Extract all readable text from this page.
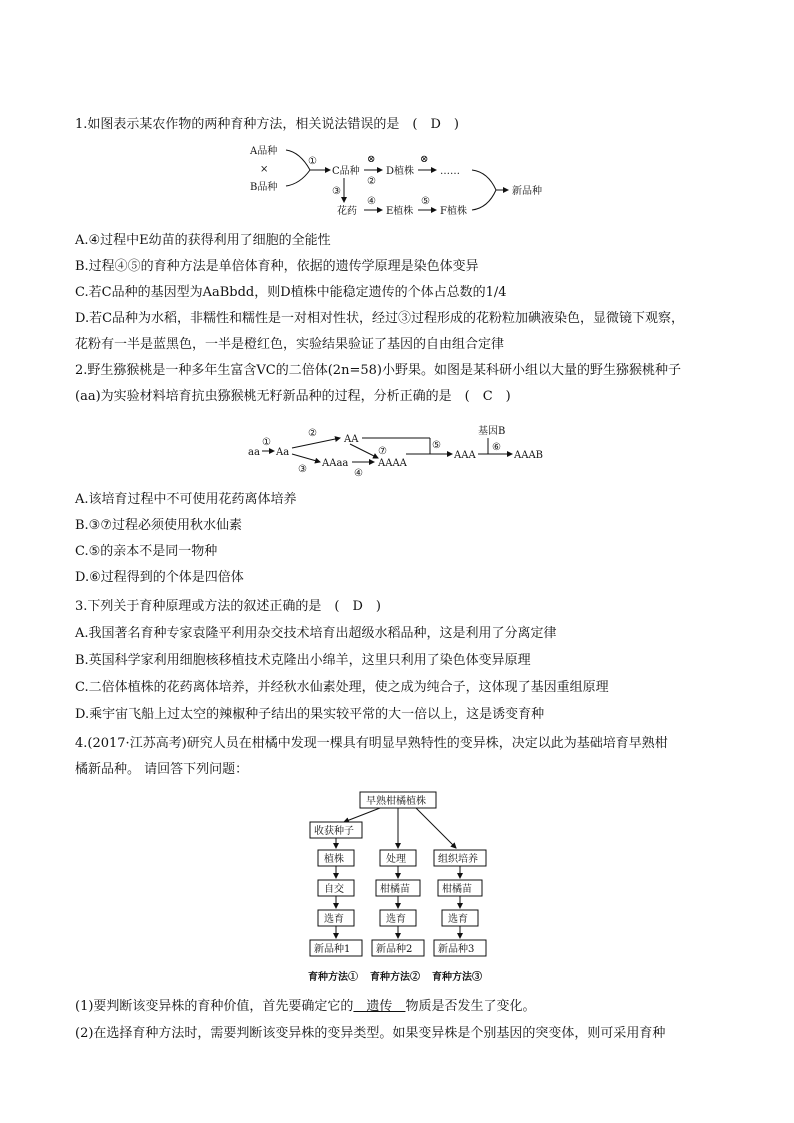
1.如图表示某农作物的两种育种方法，相关说法错误的是　(　D　)
A品种
×
B品种
①
C品种
⊗
②
D植株
⊗
……
③
花药
④
E植株
⑤
F植株
新品种
A.④过程中E幼苗的获得利用了细胞的全能性
B.过程④⑤的育种方法是单倍体育种，依据的遗传学原理是染色体变异
C.若C品种的基因型为AaBbdd，则D植株中能稳定遗传的个体占总数的1/4
D.若C品种为水稻，非糯性和糯性是一对相对性状，经过③过程形成的花粉粒加碘液染色，显微镜下观察，
花粉有一半是蓝黑色，一半是橙红色，实验结果验证了基因的自由组合定律
2.野生猕猴桃是一种多年生富含VC的二倍体(2n=58)小野果。如图是某科研小组以大量的野生猕猴桃种子
(aa)为实验材料培育抗虫猕猴桃无籽新品种的过程，分析正确的是　(　C　)
aa
①
Aa
②
③
AA
⑦
AAaa
④
AAAA
⑤
AAA
基因B
⑥
AAAB
A.该培育过程中不可使用花药离体培养
B.③⑦过程必须使用秋水仙素
C.⑤的亲本不是同一物种
D.⑥过程得到的个体是四倍体
3.下列关于育种原理或方法的叙述正确的是　(　D　)
A.我国著名育种专家袁隆平利用杂交技术培育出超级水稻品种，这是利用了分离定律
B.英国科学家利用细胞核移植技术克隆出小绵羊，这里只利用了染色体变异原理
C.二倍体植株的花药离体培养，并经秋水仙素处理，使之成为纯合子，这体现了基因重组原理
D.乘宇宙飞船上过太空的辣椒种子结出的果实较平常的大一倍以上，这是诱变育种
4.(2017·江苏高考)研究人员在柑橘中发现一棵具有明显早熟特性的变异株，决定以此为基础培育早熟柑
橘新品种。 请回答下列问题：
早熟柑橘植株
收获种子
植株
自交
选育
新品种1
处理
柑橘苗
选育
新品种2
组织培养
柑橘苗
选育
新品种3
育种方法① 育种方法② 育种方法③
(1)要判断该变异株的育种价值，首先要确定它的　遗传　物质是否发生了变化。
(2)在选择育种方法时，需要判断该变异株的变异类型。如果变异株是个别基因的突变体，则可采用育种
